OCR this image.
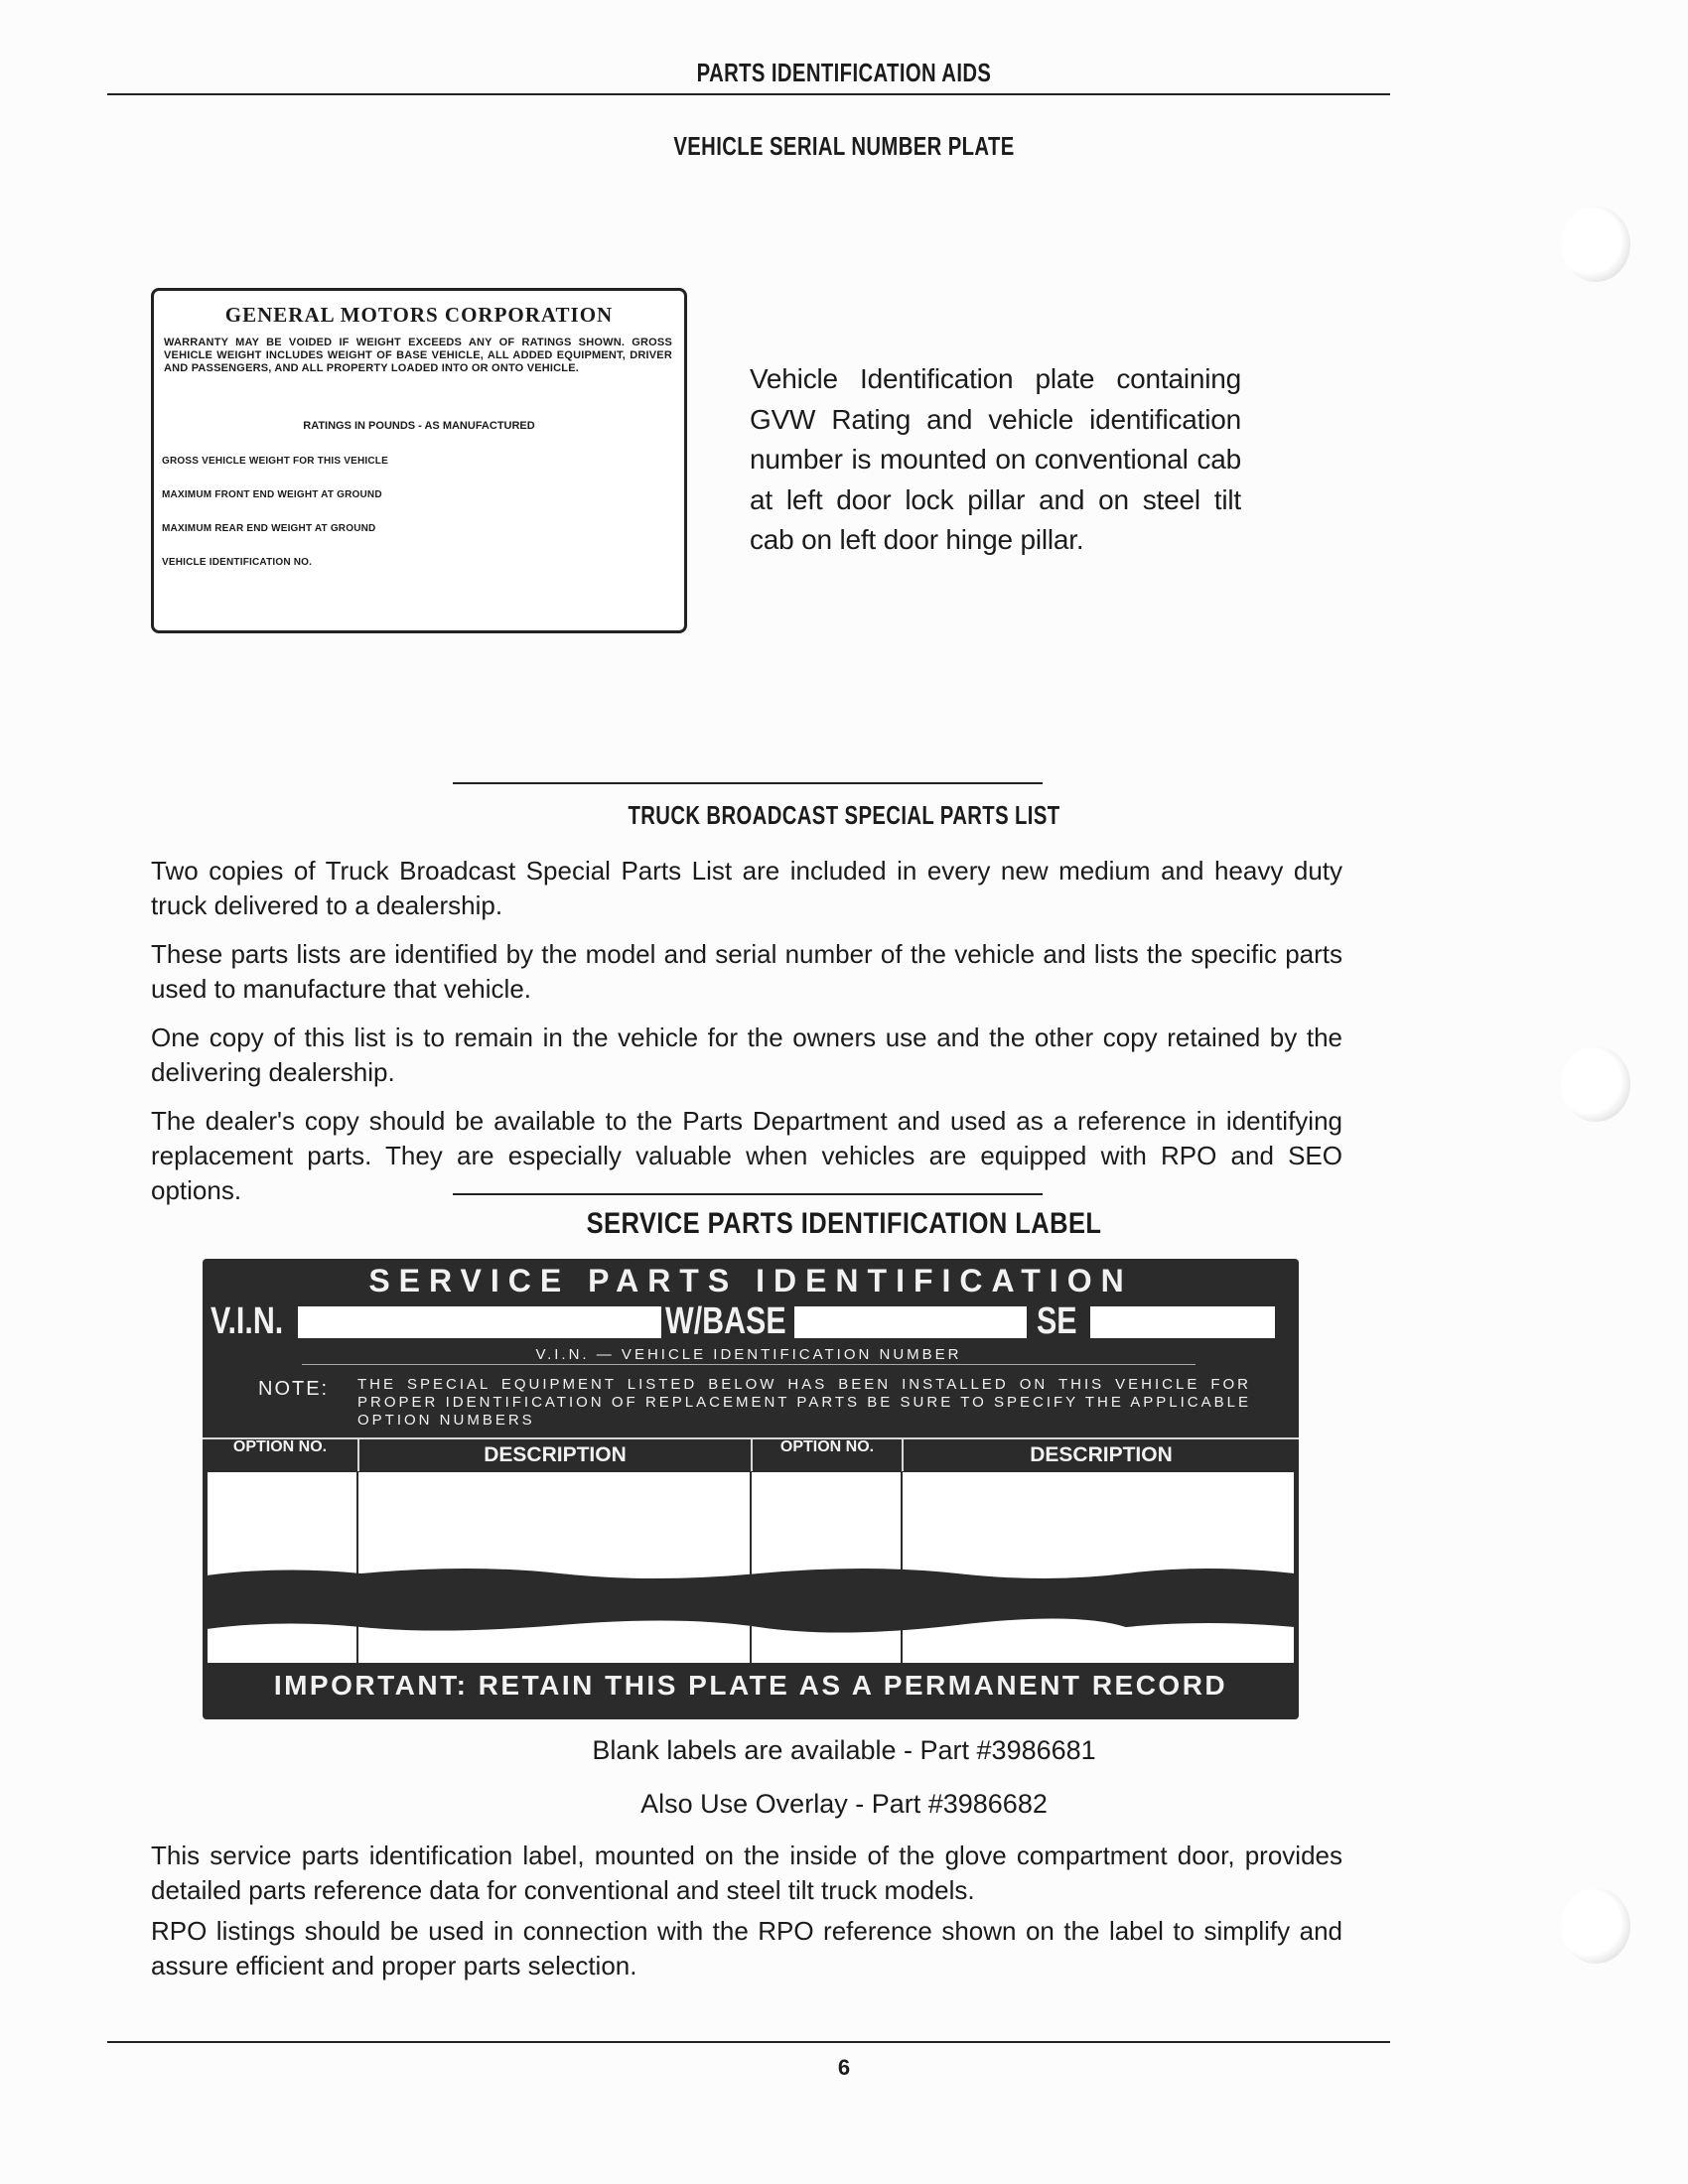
PARTS IDENTIFICATION AIDS
VEHICLE SERIAL NUMBER PLATE
GENERAL MOTORS CORPORATION
WARRANTY MAY BE VOIDED IF WEIGHT EXCEEDS ANY OF RATINGS SHOWN. GROSS VEHICLE WEIGHT INCLUDES WEIGHT OF BASE VEHICLE, ALL ADDED EQUIPMENT, DRIVER AND PASSENGERS, AND ALL PROPERTY LOADED INTO OR ONTO VEHICLE.
RATINGS IN POUNDS - AS MANUFACTURED
GROSS VEHICLE WEIGHT FOR THIS VEHICLE
MAXIMUM FRONT END WEIGHT AT GROUND
MAXIMUM REAR END WEIGHT AT GROUND
VEHICLE IDENTIFICATION NO.
Vehicle Identification plate containing GVW Rating and vehicle identification number is mounted on conventional cab at left door lock pillar and on steel tilt cab on left door hinge pillar.
TRUCK BROADCAST SPECIAL PARTS LIST
Two copies of Truck Broadcast Special Parts List are included in every new medium and heavy duty truck delivered to a dealership.
These parts lists are identified by the model and serial number of the vehicle and lists the specific parts used to manufacture that vehicle.
One copy of this list is to remain in the vehicle for the owners use and the other copy retained by the delivering dealership.
The dealer's copy should be available to the Parts Department and used as a reference in identifying replacement parts. They are especially valuable when vehicles are equipped with RPO and SEO options.
SERVICE PARTS IDENTIFICATION LABEL
SERVICE PARTS IDENTIFICATION
V.I.N.	W/BASE	SE
V.I.N. — VEHICLE IDENTIFICATION NUMBER
NOTE: THE SPECIAL EQUIPMENT LISTED BELOW HAS BEEN INSTALLED ON THIS VEHICLE FOR PROPER IDENTIFICATION OF REPLACEMENT PARTS BE SURE TO SPECIFY THE APPLICABLE OPTION NUMBERS
OPTION NO.	DESCRIPTION	OPTION NO.	DESCRIPTION
IMPORTANT: RETAIN THIS PLATE AS A PERMANENT RECORD
Blank labels are available - Part #3986681
Also Use Overlay - Part #3986682
This service parts identification label, mounted on the inside of the glove compartment door, provides detailed parts reference data for conventional and steel tilt truck models.
RPO listings should be used in connection with the RPO reference shown on the label to simplify and assure efficient and proper parts selection.
6
